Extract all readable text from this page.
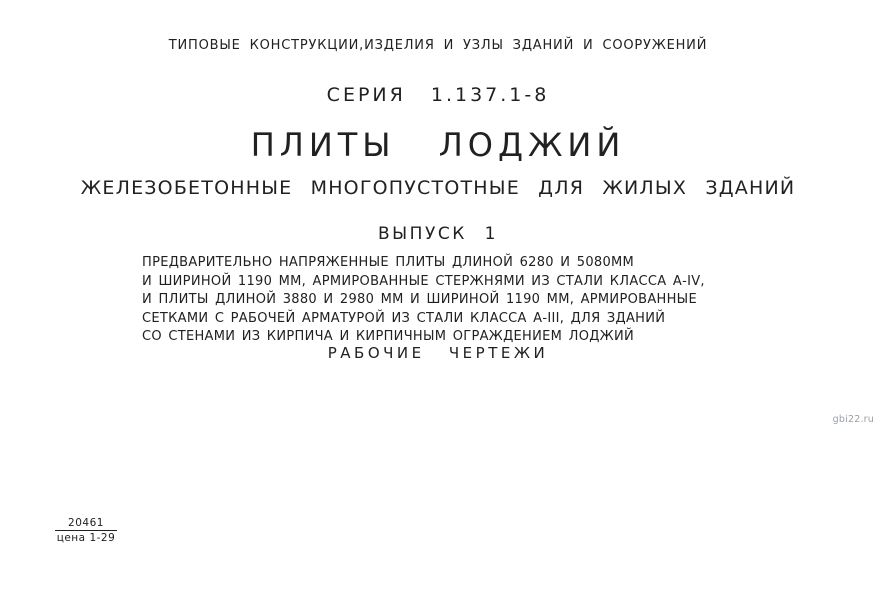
ТИПОВЫЕ КОНСТРУКЦИИ,ИЗДЕЛИЯ И УЗЛЫ ЗДАНИЙ И СООРУЖЕНИЙ
СЕРИЯ 1.137.1-8
ПЛИТЫ ЛОДЖИЙ
ЖЕЛЕЗОБЕТОННЫЕ МНОГОПУСТОТНЫЕ ДЛЯ ЖИЛЫХ ЗДАНИЙ
ВЫПУСК 1
ПРЕДВАРИТЕЛЬНО НАПРЯЖЕННЫЕ ПЛИТЫ ДЛИНОЙ 6280 И 5080ММ
И ШИРИНОЙ 1190 ММ, АРМИРОВАННЫЕ СТЕРЖНЯМИ ИЗ СТАЛИ КЛАССА А-IV,
И ПЛИТЫ ДЛИНОЙ 3880 И 2980 ММ И ШИРИНОЙ 1190 ММ, АРМИРОВАННЫЕ
СЕТКАМИ С РАБОЧЕЙ АРМАТУРОЙ ИЗ СТАЛИ КЛАССА А-III, ДЛЯ ЗДАНИЙ
СО СТЕНАМИ ИЗ КИРПИЧА И КИРПИЧНЫМ ОГРАЖДЕНИЕМ ЛОДЖИЙ
РАБОЧИЕ ЧЕРТЕЖИ
gbi22.ru
20461
цена 1-29
